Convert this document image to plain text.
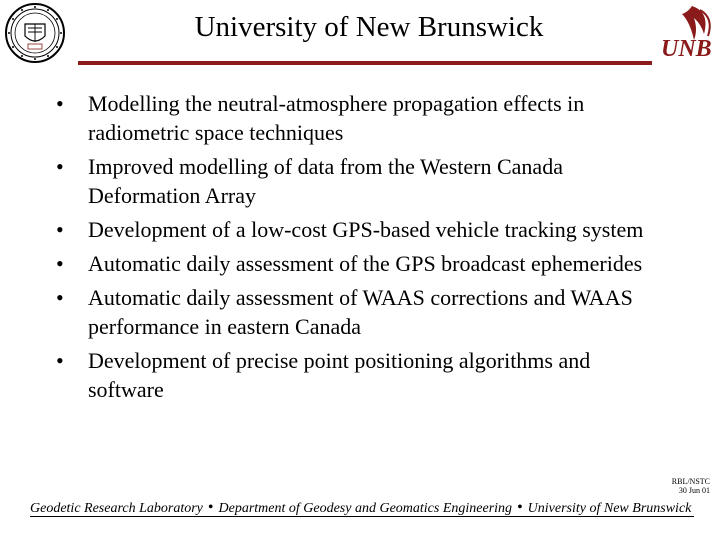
University of New Brunswick
UNB
• Modelling the neutral-atmosphere propagation effects in radiometric space techniques
• Improved modelling of data from the Western Canada Deformation Array
• Development of a low-cost GPS-based vehicle tracking system
• Automatic daily assessment of the GPS broadcast ephemerides
• Automatic daily assessment of WAAS corrections and WAAS performance in eastern Canada
• Development of precise point positioning algorithms and software
RBL/NSTC
30 Jun 01
Geodetic Research Laboratory • Department of Geodesy and Geomatics Engineering • University of New Brunswick
